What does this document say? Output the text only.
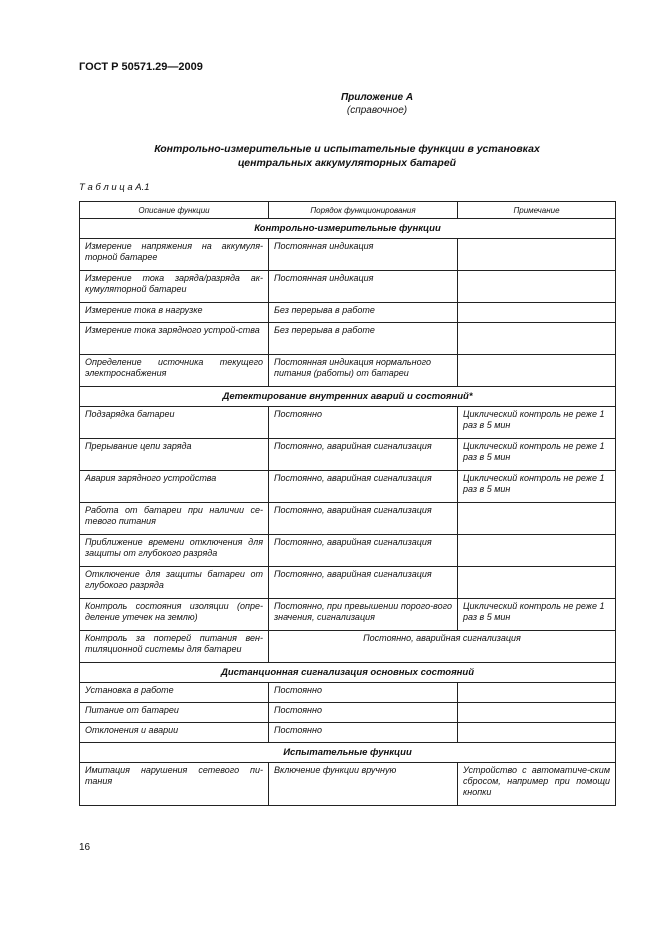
ГОСТ Р 50571.29—2009
Приложение А
(справочное)
Контрольно-измерительные и испытательные функции в установках
центральных аккумуляторных батарей
Т а б л и ц а А.1
Описание функции	Порядок функционирования	Примечание
Контрольно-измерительные функции		
Измерение напряжения на аккумуля-торной батарее	Постоянная индикация	
Измерение тока заряда/разряда ак-кумуляторной батареи	Постоянная индикация	
Измерение тока в нагрузке	Без перерыва в работе	
Измерение тока зарядного устрой-ства	Без перерыва в работе	
Определение источника текущего электроснабжения	Постоянная индикация нормального питания (работы) от батареи	
Детектирование внутренних аварий и состояний*		
Подзарядка батареи	Постоянно	Циклический контроль не реже 1 раз в 5 мин
Прерывание цепи заряда	Постоянно, аварийная сигнализация	Циклический контроль не реже 1 раз в 5 мин
Авария зарядного устройства	Постоянно, аварийная сигнализация	Циклический контроль не реже 1 раз в 5 мин
Работа от батареи при наличии се-тевого питания	Постоянно, аварийная сигнализация	
Приближение времени отключения для защиты от глубокого разряда	Постоянно, аварийная сигнализация	
Отключение для защиты батареи от глубокого разряда	Постоянно, аварийная сигнализация	
Контроль состояния изоляции (опре-деление утечек на землю)	Постоянно, при превышении порого-вого значения, сигнализация	Циклический контроль не реже 1 раз в 5 мин
Контроль за потерей питания вен-тиляционной системы для батареи	Постоянно, аварийная сигнализация	
Дистанционная сигнализация основных состояний		
Установка в работе	Постоянно	
Питание от батареи	Постоянно	
Отклонения и аварии	Постоянно	
Испытательные функции		
Имитация нарушения сетевого пи-тания	Включение функции вручную	Устройство с автоматиче-ским сбросом, например при помощи кнопки
16
